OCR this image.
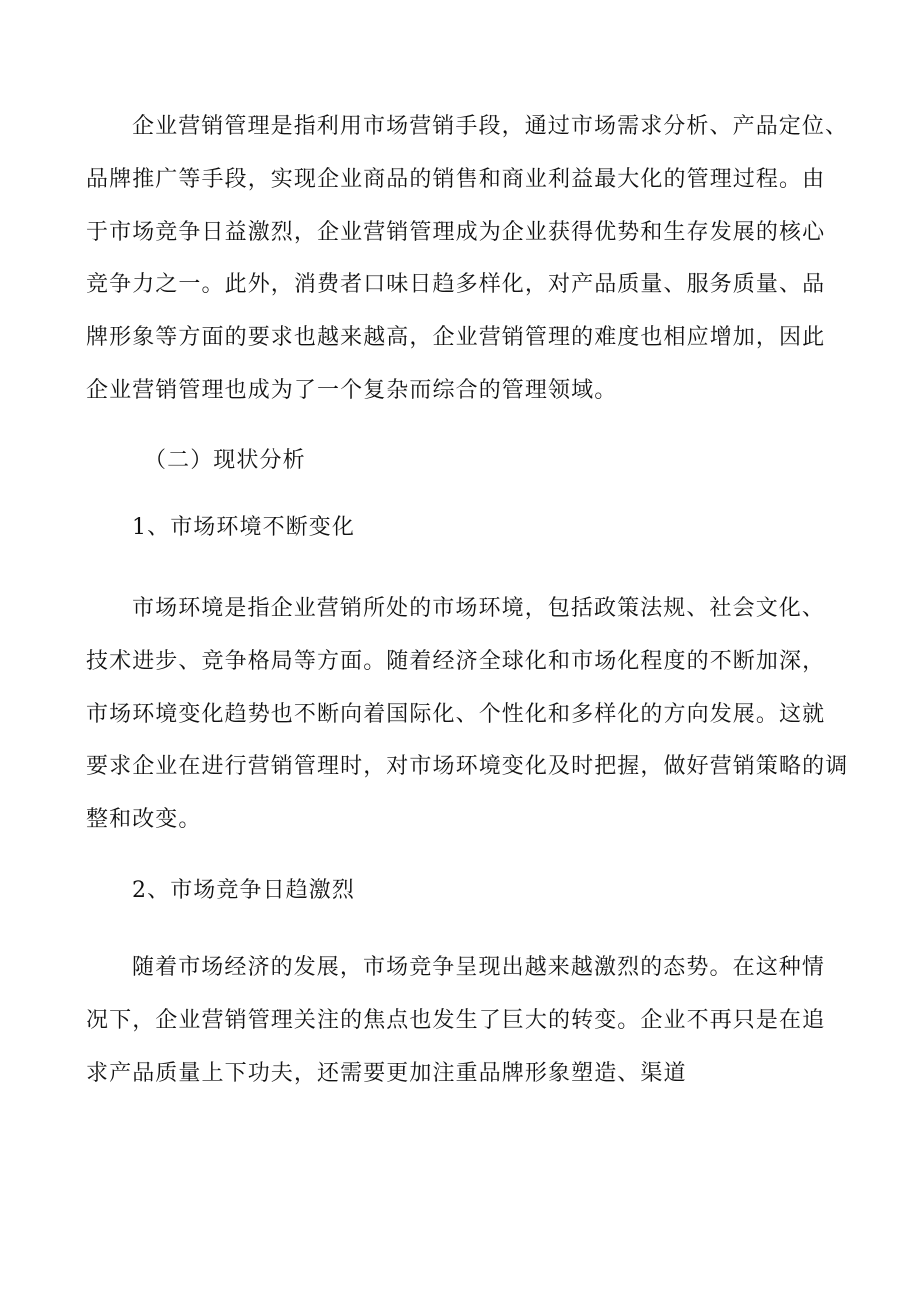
企业营销管理是指利用市场营销手段，通过市场需求分析、产品定位、
品牌推广等手段，实现企业商品的销售和商业利益最大化的管理过程。由
于市场竞争日益激烈，企业营销管理成为企业获得优势和生存发展的核心
竞争力之一。此外，消费者口味日趋多样化，对产品质量、服务质量、品
牌形象等方面的要求也越来越高，企业营销管理的难度也相应增加，因此
企业营销管理也成为了一个复杂而综合的管理领域。
（二）现状分析
1、市场环境不断变化
市场环境是指企业营销所处的市场环境，包括政策法规、社会文化、
技术进步、竞争格局等方面。随着经济全球化和市场化程度的不断加深，
市场环境变化趋势也不断向着国际化、个性化和多样化的方向发展。这就
要求企业在进行营销管理时，对市场环境变化及时把握，做好营销策略的调
整和改变。
2、市场竞争日趋激烈
随着市场经济的发展，市场竞争呈现出越来越激烈的态势。在这种情
况下，企业营销管理关注的焦点也发生了巨大的转变。企业不再只是在追
求产品质量上下功夫，还需要更加注重品牌形象塑造、渠道
